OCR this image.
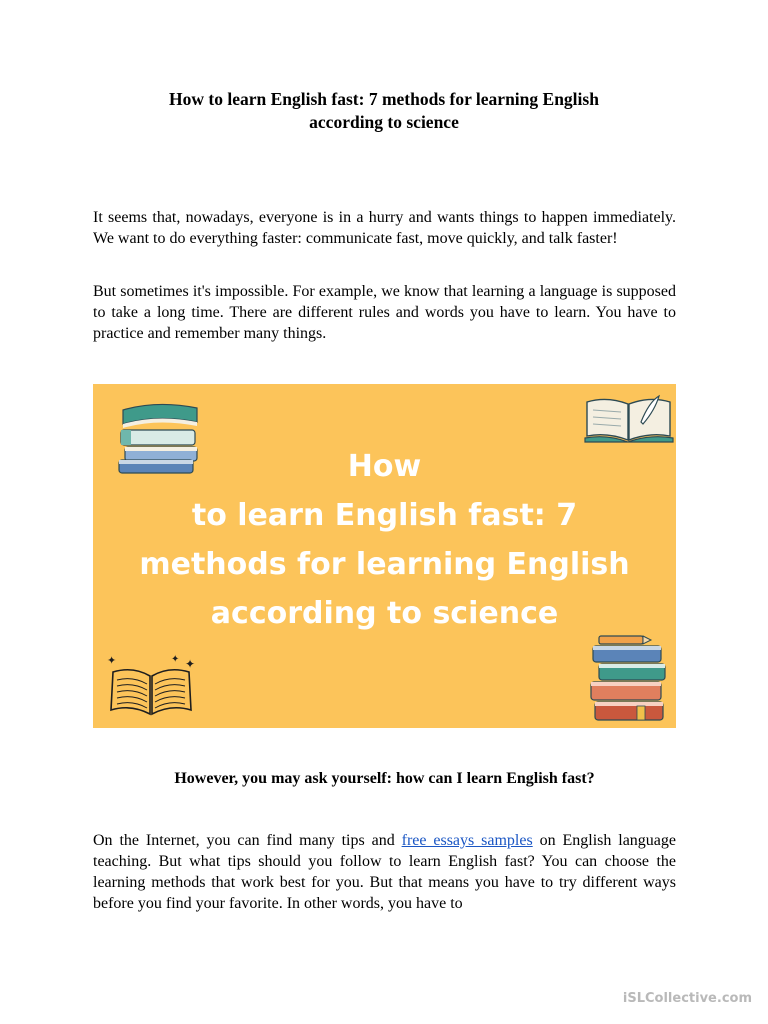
How to learn English fast: 7 methods for learning English
according to science

It seems that, nowadays, everyone is in a hurry and wants things to happen immediately. We want to do everything faster: communicate fast, move quickly, and talk faster!

But sometimes it's impossible. For example, we know that learning a language is supposed to take a long time. There are different rules and words you have to learn. You have to practice and remember many things.

How
to learn English fast: 7
methods for learning English
according to science
✦	✦ ✦
However, you may ask yourself: how can I learn English fast?

On the Internet, you can find many tips and free essays samples on English language teaching. But what tips should you follow to learn English fast? You can choose the learning methods that work best for you. But that means you have to try different ways before you find your favorite. In other words, you have to

iSLCollective.com
